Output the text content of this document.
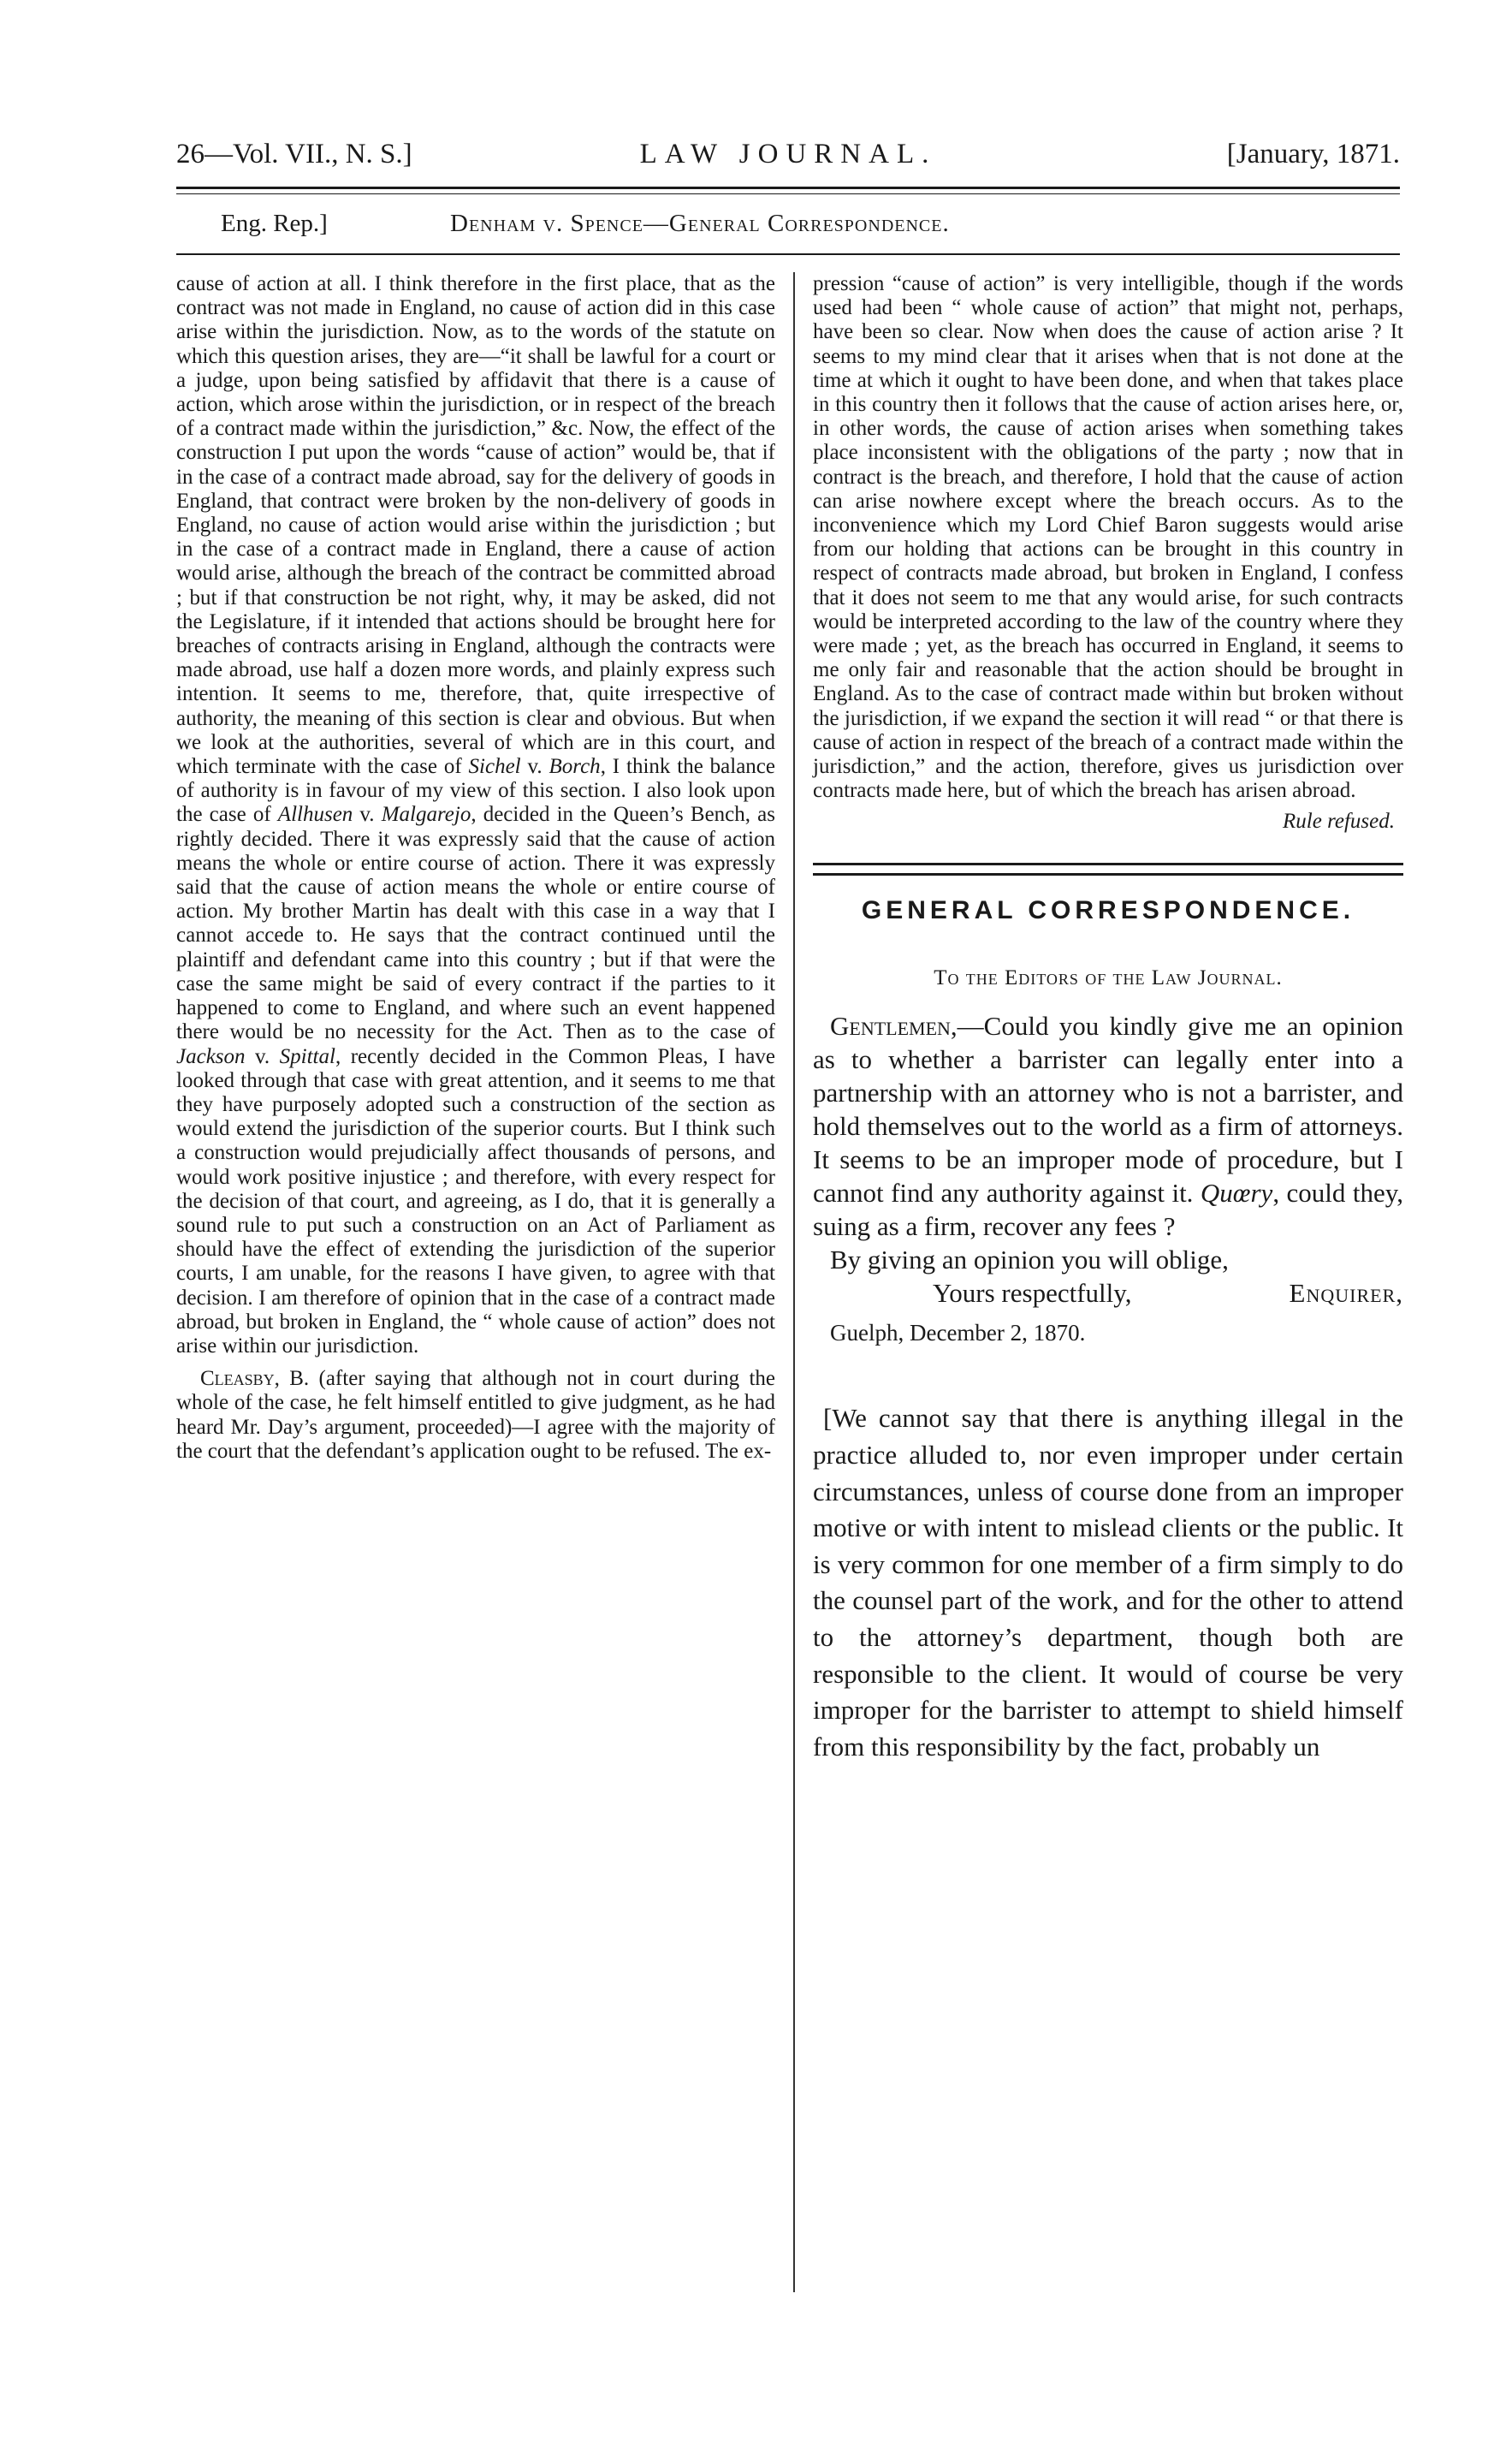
26—Vol. VII., N. S.]	LAW JOURNAL.	[January, 1871.
Eng. Rep.]	Denham v. Spence—General Correspondence.

cause of action at all. I think therefore in the first place, that as the contract was not made in England, no cause of action did in this case arise within the jurisdiction. Now, as to the words of the statute on which this question arises, they are—“it shall be lawful for a court or a judge, upon being satisfied by affidavit that there is a cause of action, which arose within the jurisdiction, or in respect of the breach of a contract made within the jurisdiction,” &c. Now, the effect of the construction I put upon the words “cause of action” would be, that if in the case of a contract made abroad, say for the delivery of goods in England, that contract were broken by the non-delivery of goods in England, no cause of action would arise within the jurisdiction ; but in the case of a contract made in England, there a cause of action would arise, although the breach of the contract be committed abroad ; but if that construction be not right, why, it may be asked, did not the Legislature, if it intended that actions should be brought here for breaches of contracts arising in England, although the contracts were made abroad, use half a dozen more words, and plainly express such intention. It seems to me, therefore, that, quite irrespective of authority, the meaning of this section is clear and obvious. But when we look at the authorities, several of which are in this court, and which terminate with the case of Sichel v. Borch, I think the balance of authority is in favour of my view of this section. I also look upon the case of Allhusen v. Malgarejo, decided in the Queen’s Bench, as rightly decided. There it was expressly said that the cause of action means the whole or entire course of action. There it was expressly said that the cause of action means the whole or entire course of action. My brother Martin has dealt with this case in a way that I cannot accede to. He says that the contract continued until the plaintiff and defendant came into this country ; but if that were the case the same might be said of every contract if the parties to it happened to come to England, and where such an event happened there would be no necessity for the Act. Then as to the case of Jackson v. Spittal, recently decided in the Common Pleas, I have looked through that case with great attention, and it seems to me that they have purposely adopted such a construction of the section as would extend the jurisdiction of the superior courts. But I think such a construction would prejudicially affect thousands of persons, and would work positive injustice ; and therefore, with every respect for the decision of that court, and agreeing, as I do, that it is generally a sound rule to put such a construction on an Act of Parliament as should have the effect of extending the jurisdiction of the superior courts, I am unable, for the reasons I have given, to agree with that decision. I am therefore of opinion that in the case of a contract made abroad, but broken in England, the “ whole cause of action” does not arise within our jurisdiction.

Cleasby, B. (after saying that although not in court during the whole of the case, he felt himself entitled to give judgment, as he had heard Mr. Day’s argument, proceeded)—I agree with the majority of the court that the defendant’s application ought to be refused. The ex-

pression “cause of action” is very intelligible, though if the words used had been “ whole cause of action” that might not, perhaps, have been so clear. Now when does the cause of action arise ? It seems to my mind clear that it arises when that is not done at the time at which it ought to have been done, and when that takes place in this country then it follows that the cause of action arises here, or, in other words, the cause of action arises when something takes place inconsistent with the obligations of the party ; now that in contract is the breach, and therefore, I hold that the cause of action can arise nowhere except where the breach occurs. As to the inconvenience which my Lord Chief Baron suggests would arise from our holding that actions can be brought in this country in respect of contracts made abroad, but broken in England, I confess that it does not seem to me that any would arise, for such contracts would be interpreted according to the law of the country where they were made ; yet, as the breach has occurred in England, it seems to me only fair and reasonable that the action should be brought in England. As to the case of contract made within but broken without the jurisdiction, if we expand the section it will read “ or that there is cause of action in respect of the breach of a contract made within the jurisdiction,” and the action, therefore, gives us jurisdiction over contracts made here, but of which the breach has arisen abroad.

Rule refused.

GENERAL CORRESPONDENCE.

To the Editors of the Law Journal.

Gentlemen,—Could you kindly give me an opinion as to whether a barrister can legally enter into a partnership with an attorney who is not a barrister, and hold themselves out to the world as a firm of attorneys. It seems to be an improper mode of procedure, but I cannot find any authority against it. Quœry, could they, suing as a firm, recover any fees ?

By giving an opinion you will oblige,

Yours respectfully,	Enquirer,

Guelph, December 2, 1870.

[We cannot say that there is anything illegal in the practice alluded to, nor even improper under certain circumstances, unless of course done from an improper motive or with intent to mislead clients or the public. It is very common for one member of a firm simply to do the counsel part of the work, and for the other to attend to the attorney’s department, though both are responsible to the client. It would of course be very improper for the barrister to attempt to shield himself from this responsibility by the fact, probably un
